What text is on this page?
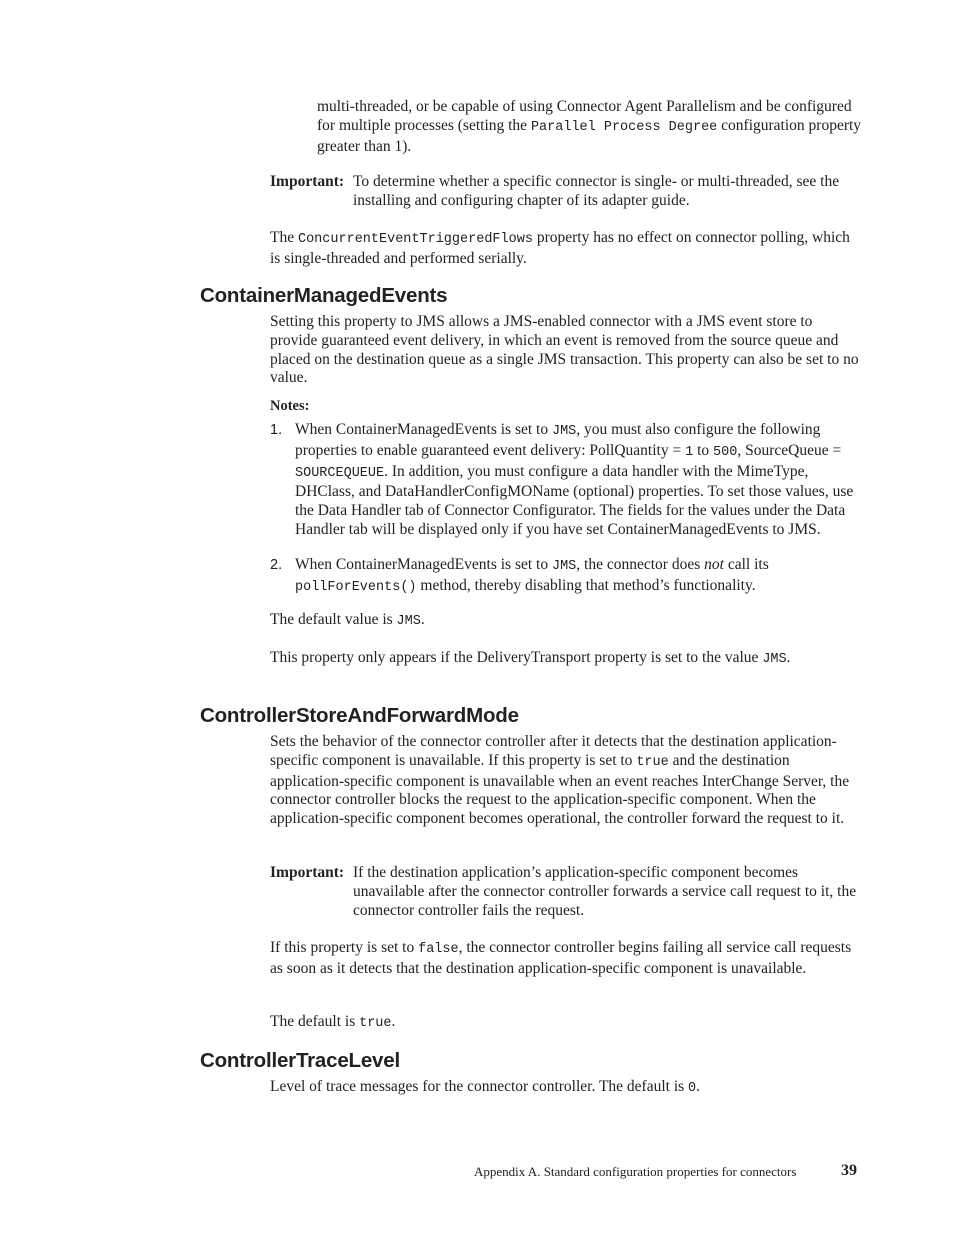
multi-threaded, or be capable of using Connector Agent Parallelism and be configured for multiple processes (setting the Parallel Process Degree configuration property greater than 1).

Important: To determine whether a specific connector is single- or multi-threaded, see the installing and configuring chapter of its adapter guide.

The ConcurrentEventTriggeredFlows property has no effect on connector polling, which is single-threaded and performed serially.

ContainerManagedEvents

Setting this property to JMS allows a JMS-enabled connector with a JMS event store to provide guaranteed event delivery, in which an event is removed from the source queue and placed on the destination queue as a single JMS transaction. This property can also be set to no value.

Notes:
1. When ContainerManagedEvents is set to JMS, you must also configure the following properties to enable guaranteed event delivery: PollQuantity = 1 to 500, SourceQueue = SOURCEQUEUE. In addition, you must configure a data handler with the MimeType, DHClass, and DataHandlerConfigMOName (optional) properties. To set those values, use the Data Handler tab of Connector Configurator. The fields for the values under the Data Handler tab will be displayed only if you have set ContainerManagedEvents to JMS.

2. When ContainerManagedEvents is set to JMS, the connector does not call its pollForEvents() method, thereby disabling that method’s functionality.

The default value is JMS.

This property only appears if the DeliveryTransport property is set to the value JMS.

ControllerStoreAndForwardMode

Sets the behavior of the connector controller after it detects that the destination application-specific component is unavailable. If this property is set to true and the destination application-specific component is unavailable when an event reaches InterChange Server, the connector controller blocks the request to the application-specific component. When the application-specific component becomes operational, the controller forward the request to it.

Important: If the destination application’s application-specific component becomes unavailable after the connector controller forwards a service call request to it, the connector controller fails the request.

If this property is set to false, the connector controller begins failing all service call requests as soon as it detects that the destination application-specific component is unavailable.

The default is true.

ControllerTraceLevel

Level of trace messages for the connector controller. The default is 0.

Appendix A. Standard configuration properties for connectors	39
